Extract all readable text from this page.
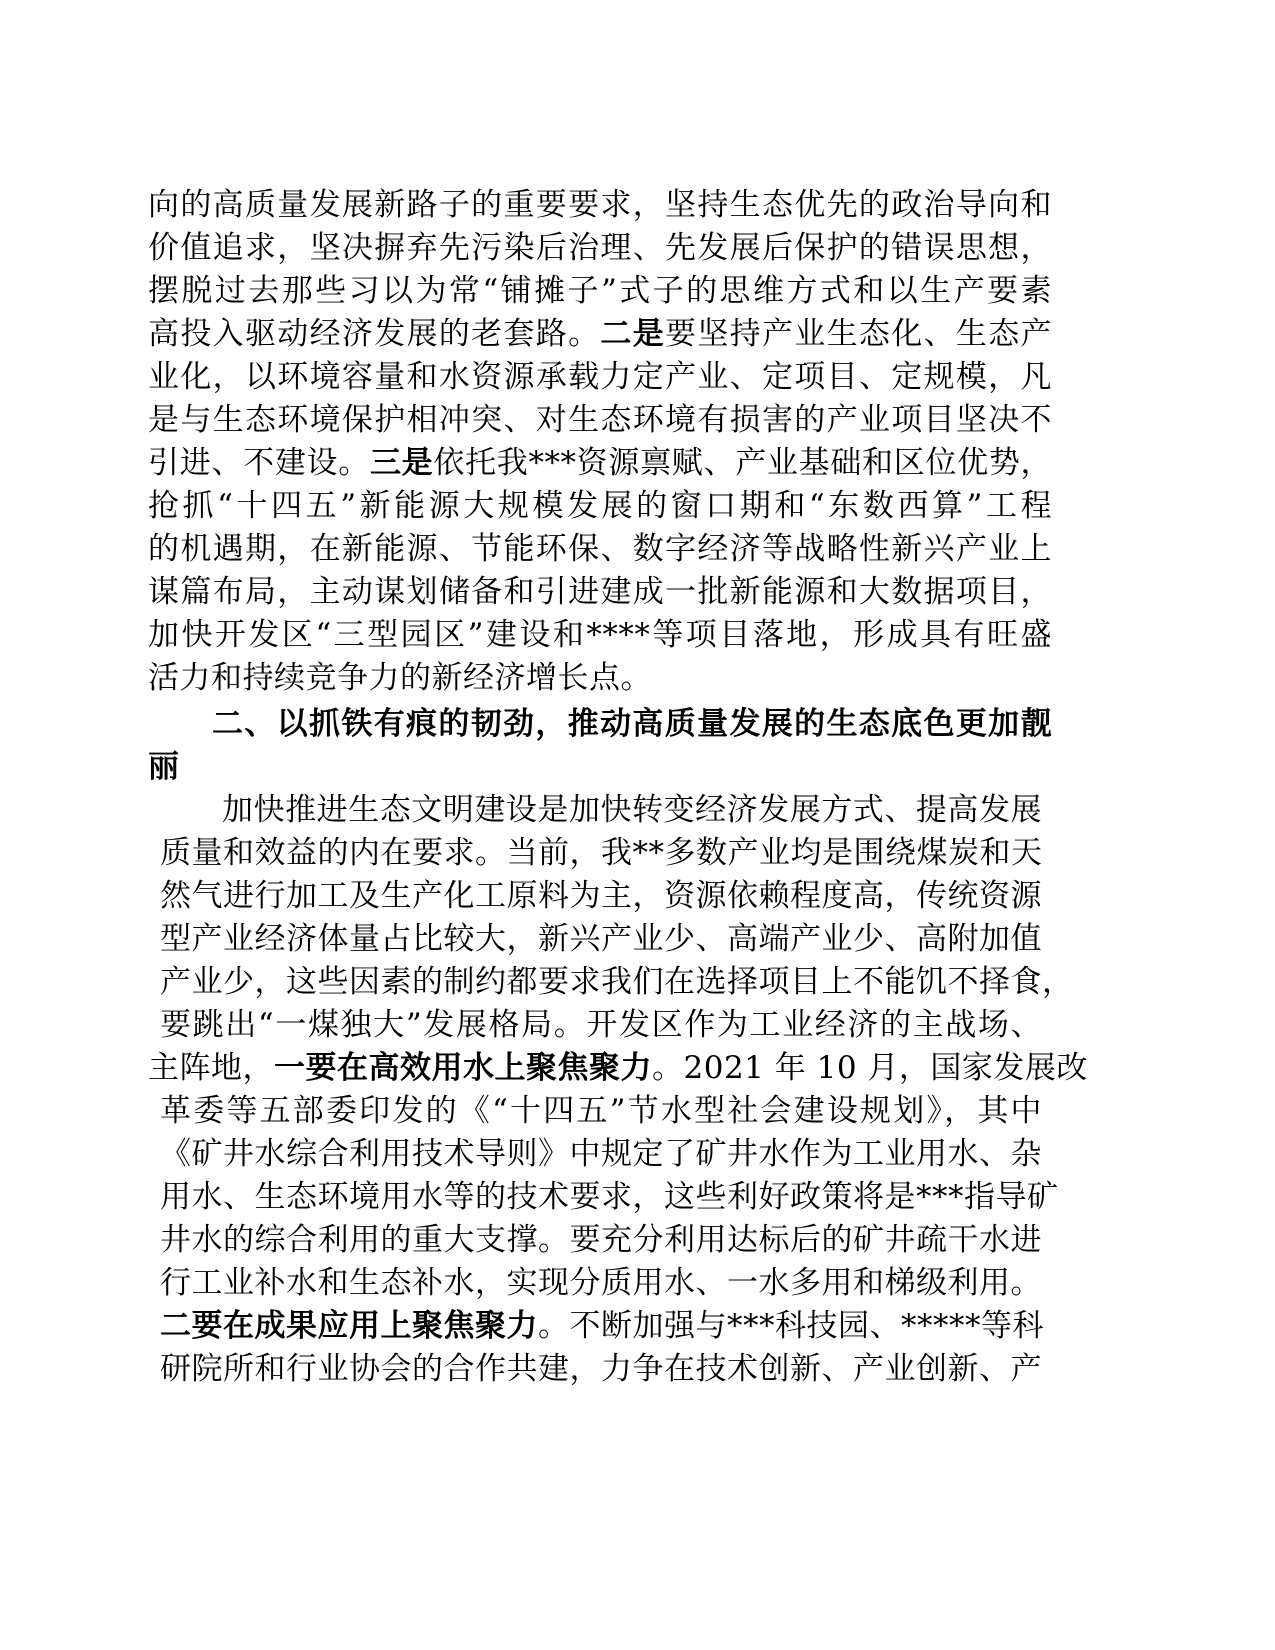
向的高质量发展新路子的重要要求，坚持生态优先的政治导向和
价值追求，坚决摒弃先污染后治理、先发展后保护的错误思想，
摆脱过去那些习以为常“铺摊子”式子的思维方式和以生产要素
高投入驱动经济发展的老套路。二是要坚持产业生态化、生态产
业化，以环境容量和水资源承载力定产业、定项目、定规模，凡
是与生态环境保护相冲突、对生态环境有损害的产业项目坚决不
引进、不建设。三是依托我***资源禀赋、产业基础和区位优势，
抢抓“十四五”新能源大规模发展的窗口期和“东数西算”工程
的机遇期，在新能源、节能环保、数字经济等战略性新兴产业上
谋篇布局，主动谋划储备和引进建成一批新能源和大数据项目，
加快开发区“三型园区”建设和****等项目落地，形成具有旺盛
活力和持续竞争力的新经济增长点。
二、以抓铁有痕的韧劲，推动高质量发展的生态底色更加靓
丽
加快推进生态文明建设是加快转变经济发展方式、提高发展
质量和效益的内在要求。当前，我**多数产业均是围绕煤炭和天
然气进行加工及生产化工原料为主，资源依赖程度高，传统资源
型产业经济体量占比较大，新兴产业少、高端产业少、高附加值
产业少，这些因素的制约都要求我们在选择项目上不能饥不择食，
要跳出“一煤独大”发展格局。开发区作为工业经济的主战场、
主阵地，一要在高效用水上聚焦聚力。2021 年 10 月，国家发展改
革委等五部委印发的《“十四五”节水型社会建设规划》，其中
《矿井水综合利用技术导则》中规定了矿井水作为工业用水、杂
用水、生态环境用水等的技术要求，这些利好政策将是***指导矿
井水的综合利用的重大支撑。要充分利用达标后的矿井疏干水进
行工业补水和生态补水，实现分质用水、一水多用和梯级利用。
二要在成果应用上聚焦聚力。不断加强与***科技园、*****等科
研院所和行业协会的合作共建，力争在技术创新、产业创新、产
